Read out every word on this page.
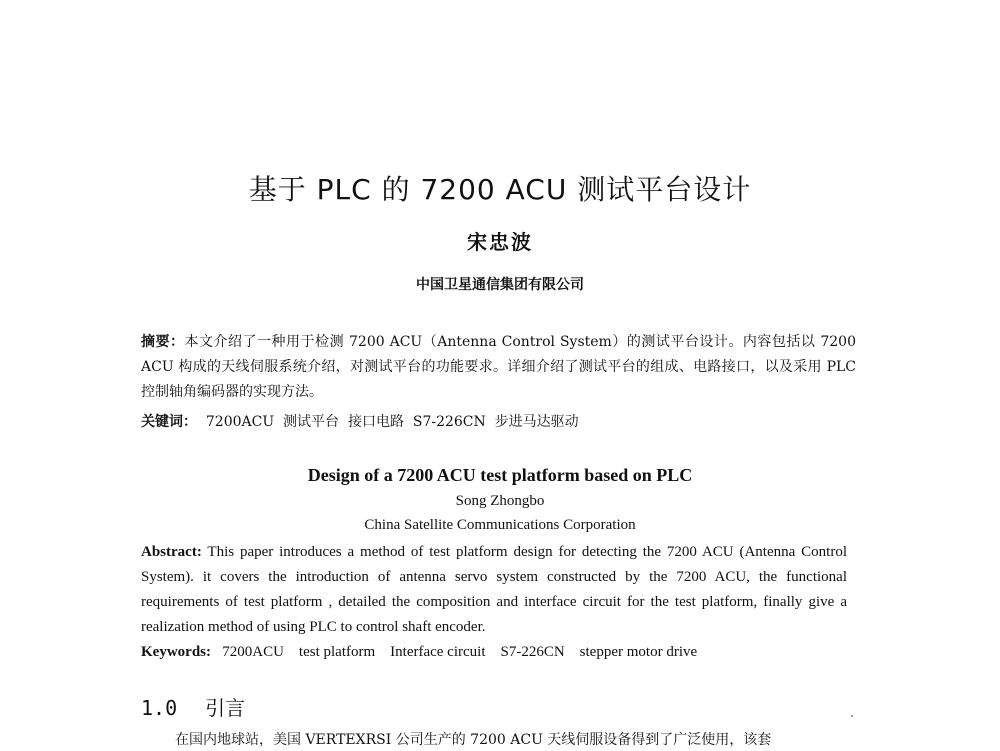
基于 PLC 的 7200 ACU 测试平台设计
宋忠波
中国卫星通信集团有限公司
摘要：本文介绍了一种用于检测 7200 ACU（Antenna Control System）的测试平台设计。内容包括以 7200 ACU 构成的天线伺服系统介绍，对测试平台的功能要求。详细介绍了测试平台的组成、电路接口，以及采用 PLC 控制轴角编码器的实现方法。
关键词：  7200ACU  测试平台  接口电路  S7-226CN  步进马达驱动
Design of a 7200 ACU test platform based on PLC
Song Zhongbo
China Satellite Communications Corporation
Abstract: This paper introduces a method of test platform design for detecting the 7200 ACU (Antenna Control System). it covers the introduction of antenna servo system constructed by the 7200 ACU, the functional requirements of test platform , detailed the composition and interface circuit for the test platform, finally give a realization method of using PLC to control shaft encoder.
Keywords:   7200ACU    test platform    Interface circuit    S7-226CN    stepper motor drive
1.0 引言
在国内地球站，美国 VERTEXRSI 公司生产的 7200 ACU 天线伺服设备得到了广泛使用，该套
